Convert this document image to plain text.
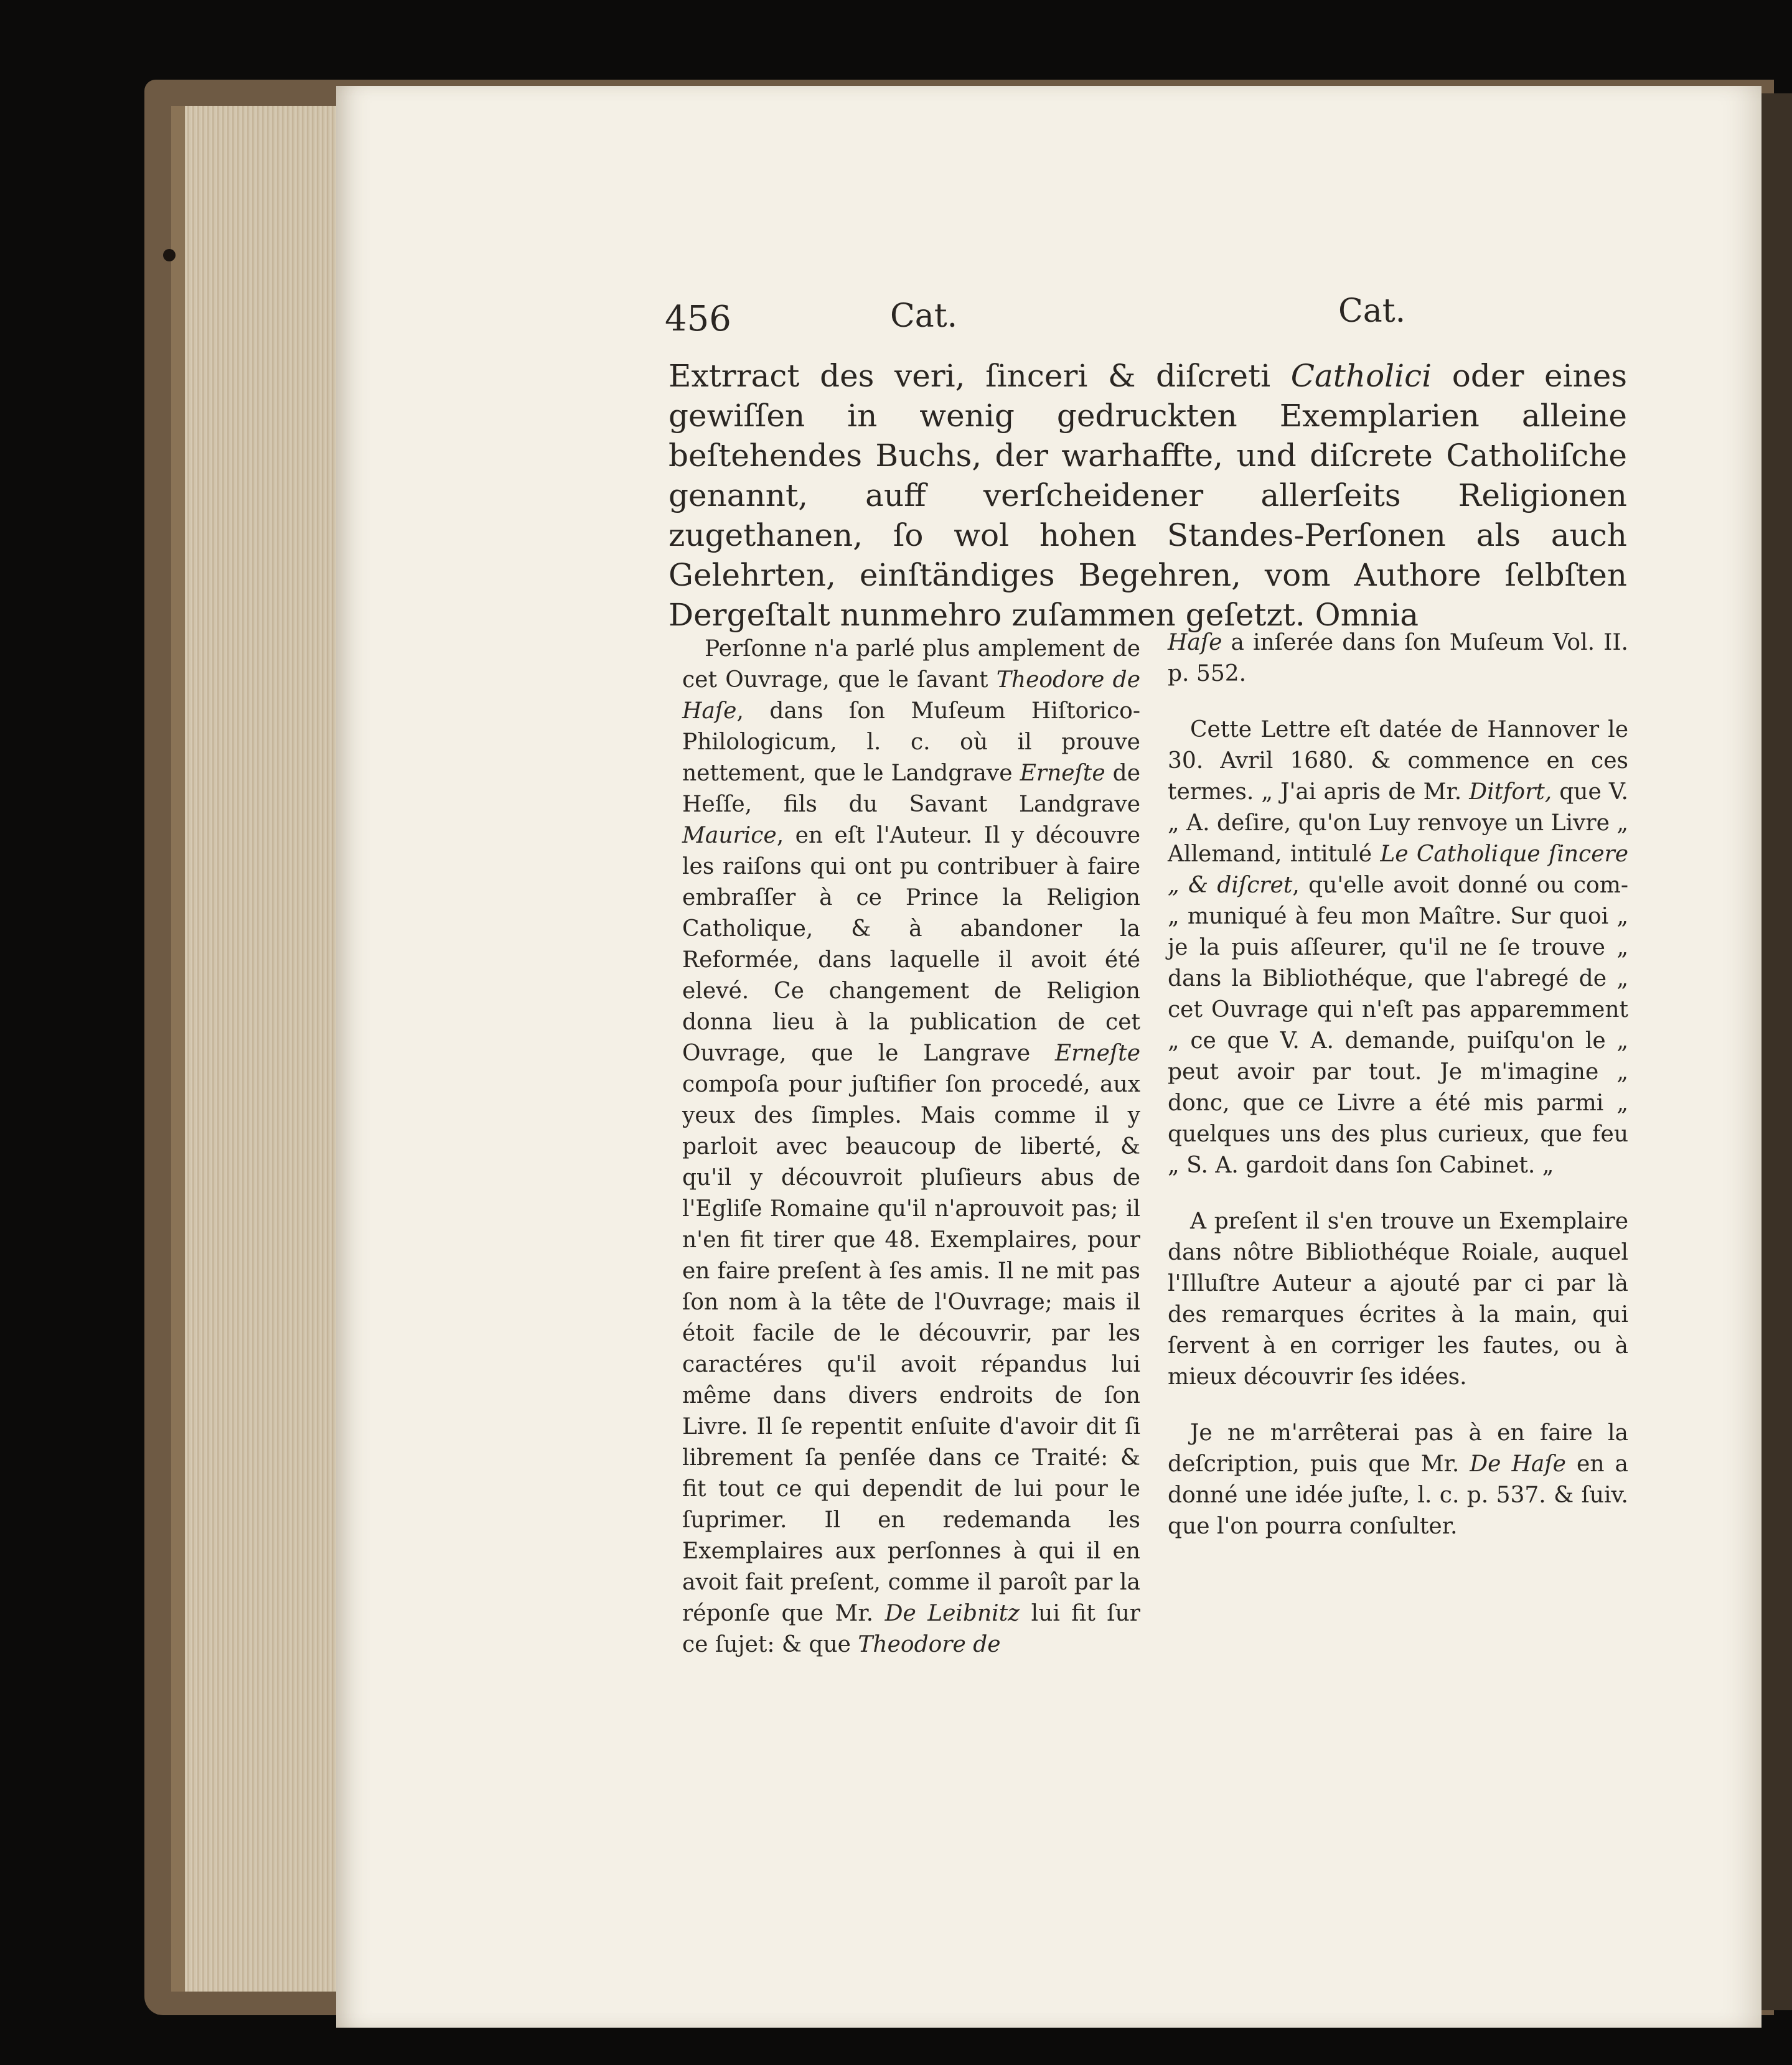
456	Cat.	Cat.
Extrract des veri, ſinceri & diſcreti Catholici oder eines gewiſſen in wenig gedruckten Exemplarien alleine beſtehendes Buchs, der warhaffte, und diſcrete Catholiſche genannt, auff verſcheidener allerſeits Religionen zugethanen, ſo wol hohen Standes-Perſonen als auch Gelehrten, einſtändiges Begehren, vom Authore ſelbſten Dergeſtalt nunmehro zuſammen geſetzt. Omnia

Perſonne n'a parlé plus amplement de cet Ouvrage, que le ſavant Theodore de Haſe, dans ſon Muſeum Hiſtorico-Philologicum, l. c. où il prouve nettement, que le Landgrave Erneſte de Heſſe, fils du Savant Landgrave Maurice, en eſt l'Auteur. Il y découvre les raiſons qui ont pu contribuer à faire embraſſer à ce Prince la Religion Catholique, & à abandoner la Reformée, dans laquelle il avoit été elevé. Ce changement de Religion donna lieu à la publication de cet Ouvrage, que le Langrave Erneſte compoſa pour juſtifier ſon procedé, aux yeux des ſimples. Mais comme il y parloit avec beaucoup de liberté, & qu'il y découvroit pluſieurs abus de l'Egliſe Romaine qu'il n'aprouvoit pas; il n'en fit tirer que 48. Exemplaires, pour en faire preſent à ſes amis. Il ne mit pas ſon nom à la tête de l'Ouvrage; mais il étoit facile de le découvrir, par les caractéres qu'il avoit répandus lui même dans divers endroits de ſon Livre. Il ſe repentit enſuite d'avoir dit ſi librement ſa penſée dans ce Traité: & fit tout ce qui dependit de lui pour le ſuprimer. Il en redemanda les Exemplaires aux perſonnes à qui il en avoit fait preſent, comme il paroît par la réponſe que Mr. De Leibnitz lui fit ſur ce ſujet: & que Theodore de

Haſe a inſerée dans ſon Muſeum Vol. II. p. 552.

Cette Lettre eſt datée de Hannover le 30. Avril 1680. & commence en ces termes. „ J'ai apris de Mr. Ditfort, que V. „ A. deſire, qu'on Luy renvoye un Livre „ Allemand, intitulé Le Catholique ſincere „ & diſcret, qu'elle avoit donné ou com- „ muniqué à feu mon Maître. Sur quoi „ je la puis aſſeurer, qu'il ne ſe trouve „ dans la Bibliothéque, que l'abregé de „ cet Ouvrage qui n'eſt pas apparemment „ ce que V. A. demande, puiſqu'on le „ peut avoir par tout. Je m'imagine „ donc, que ce Livre a été mis parmi „ quelques uns des plus curieux, que feu „ S. A. gardoit dans ſon Cabinet. „

A preſent il s'en trouve un Exemplaire dans nôtre Bibliothéque Roiale, auquel l'Illuſtre Auteur a ajouté par ci par là des remarques écrites à la main, qui ſervent à en corriger les fautes, ou à mieux découvrir ſes idées.

Je ne m'arrêterai pas à en faire la deſcription, puis que Mr. De Haſe en a donné une idée juſte, l. c. p. 537. & ſuiv. que l'on pourra conſulter.
